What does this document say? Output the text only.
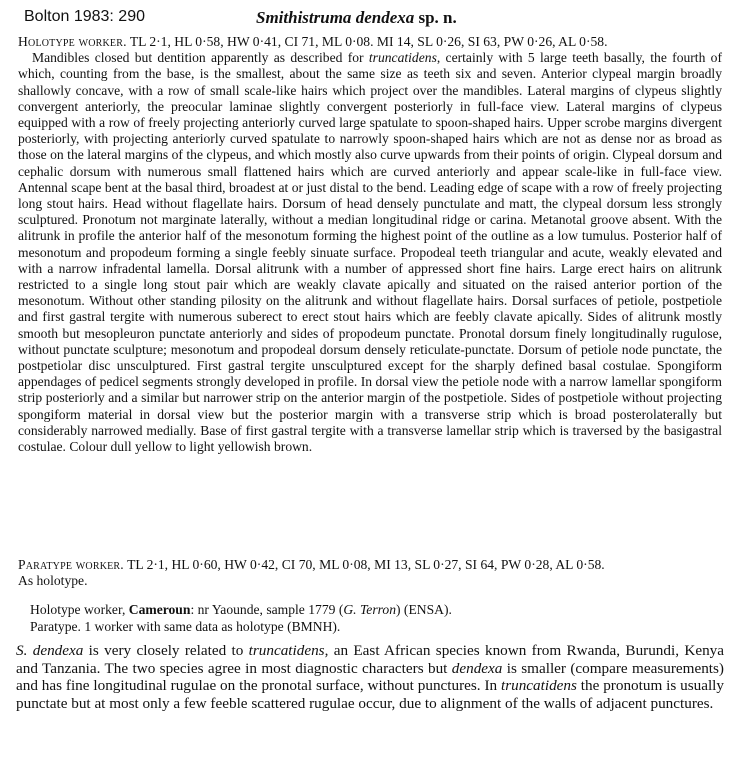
Bolton 1983: 290	Smithistruma dendexa sp. n.
Holotype worker. TL 2·1, HL 0·58, HW 0·41, CI 71, ML 0·08. MI 14, SL 0·26, SI 63, PW 0·26, AL 0·58.
Mandibles closed but dentition apparently as described for truncatidens, certainly with 5 large teeth basally, the fourth of which, counting from the base, is the smallest, about the same size as teeth six and seven. Anterior clypeal margin broadly shallowly concave, with a row of small scale-like hairs which project over the mandibles. Lateral margins of clypeus slightly convergent anteriorly, the preocular laminae slightly convergent posteriorly in full-face view. Lateral margins of clypeus equipped with a row of freely projecting anteriorly curved large spatulate to spoon-shaped hairs. Upper scrobe margins divergent posteriorly, with projecting anteriorly curved spatulate to narrowly spoon-shaped hairs which are not as dense nor as broad as those on the lateral margins of the clypeus, and which mostly also curve upwards from their points of origin. Clypeal dorsum and cephalic dorsum with numerous small flattened hairs which are curved anteriorly and appear scale-like in full-face view. Antennal scape bent at the basal third, broadest at or just distal to the bend. Leading edge of scape with a row of freely projecting long stout hairs. Head without flagellate hairs. Dorsum of head densely punctulate and matt, the clypeal dorsum less strongly sculptured. Pronotum not marginate laterally, without a median longitudinal ridge or carina. Metanotal groove absent. With the alitrunk in profile the anterior half of the mesonotum forming the highest point of the outline as a low tumulus. Posterior half of mesonotum and propodeum forming a single feebly sinuate surface. Propodeal teeth triangular and acute, weakly elevated and with a narrow infradental lamella. Dorsal alitrunk with a number of appressed short fine hairs. Large erect hairs on alitrunk restricted to a single long stout pair which are weakly clavate apically and situated on the raised anterior portion of the mesonotum. Without other standing pilosity on the alitrunk and without flagellate hairs. Dorsal surfaces of petiole, postpetiole and first gastral tergite with numerous suberect to erect stout hairs which are feebly clavate apically. Sides of alitrunk mostly smooth but mesopleuron punctate anteriorly and sides of propodeum punctate. Pronotal dorsum finely longitudinally rugulose, without punctate sculpture; mesonotum and propodeal dorsum densely reticulate-punctate. Dorsum of petiole node punctate, the postpetiolar disc unsculptured. First gastral tergite unsculptured except for the sharply defined basal costulae. Spongiform appendages of pedicel segments strongly developed in profile. In dorsal view the petiole node with a narrow lamellar spongiform strip posteriorly and a similar but narrower strip on the anterior margin of the postpetiole. Sides of postpetiole without projecting spongiform material in dorsal view but the posterior margin with a transverse strip which is broad posterolaterally but considerably narrowed medially. Base of first gastral tergite with a transverse lamellar strip which is traversed by the basigastral costulae. Colour dull yellow to light yellowish brown.
Paratype worker. TL 2·1, HL 0·60, HW 0·42, CI 70, ML 0·08, MI 13, SL 0·27, SI 64, PW 0·28, AL 0·58.
As holotype.
Holotype worker, Cameroun: nr Yaounde, sample 1779 (G. Terron) (ENSA).
Paratype. 1 worker with same data as holotype (BMNH).
S. dendexa is very closely related to truncatidens, an East African species known from Rwanda, Burundi, Kenya and Tanzania. The two species agree in most diagnostic characters but dendexa is smaller (compare measurements) and has fine longitudinal rugulae on the pronotal surface, without punctures. In truncatidens the pronotum is usually punctate but at most only a few feeble scattered rugulae occur, due to alignment of the walls of adjacent punctures.
